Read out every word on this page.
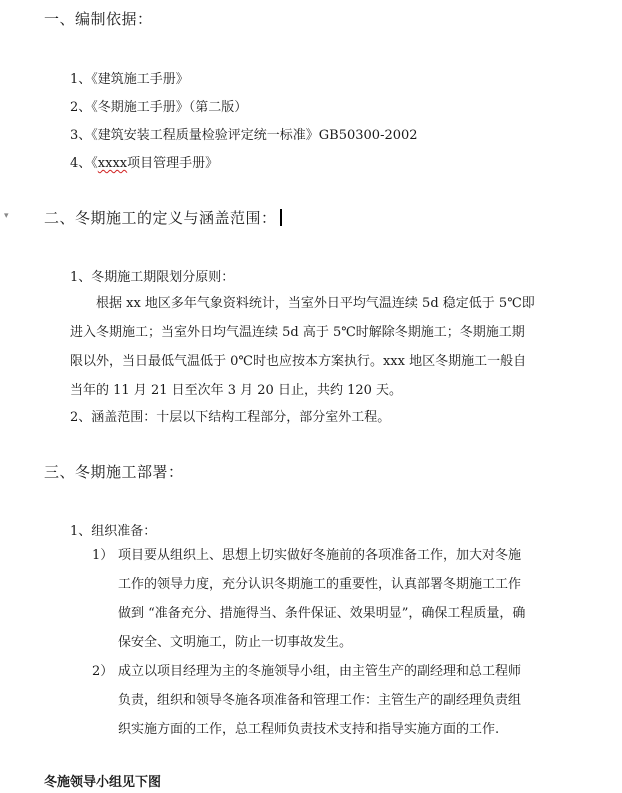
▾
一、编制依据：
1、《建筑施工手册》
2、《冬期施工手册》（第二版）
3、《建筑安装工程质量检验评定统一标准》GB50300-2002
4、《xxxx项目管理手册》
二、冬期施工的定义与涵盖范围：
1、冬期施工期限划分原则：
根据 xx 地区多年气象资料统计，当室外日平均气温连续 5d 稳定低于 5℃即
进入冬期施工；当室外日均气温连续 5d 高于 5℃时解除冬期施工；冬期施工期
限以外，当日最低气温低于 0℃时也应按本方案执行。xxx 地区冬期施工一般自
当年的 11 月 21 日至次年 3 月 20 日止，共约 120 天。
2、涵盖范围：十层以下结构工程部分，部分室外工程。
三、冬期施工部署：
1、组织准备：
1） 项目要从组织上、思想上切实做好冬施前的各项准备工作，加大对冬施
工作的领导力度，充分认识冬期施工的重要性，认真部署冬期施工工作
做到 “准备充分、措施得当、条件保证、效果明显”，确保工程质量，确
保安全、文明施工，防止一切事故发生。
2） 成立以项目经理为主的冬施领导小组，由主管生产的副经理和总工程师
负责，组织和领导冬施各项准备和管理工作：主管生产的副经理负责组
织实施方面的工作，总工程师负责技术支持和指导实施方面的工作.
冬施领导小组见下图
